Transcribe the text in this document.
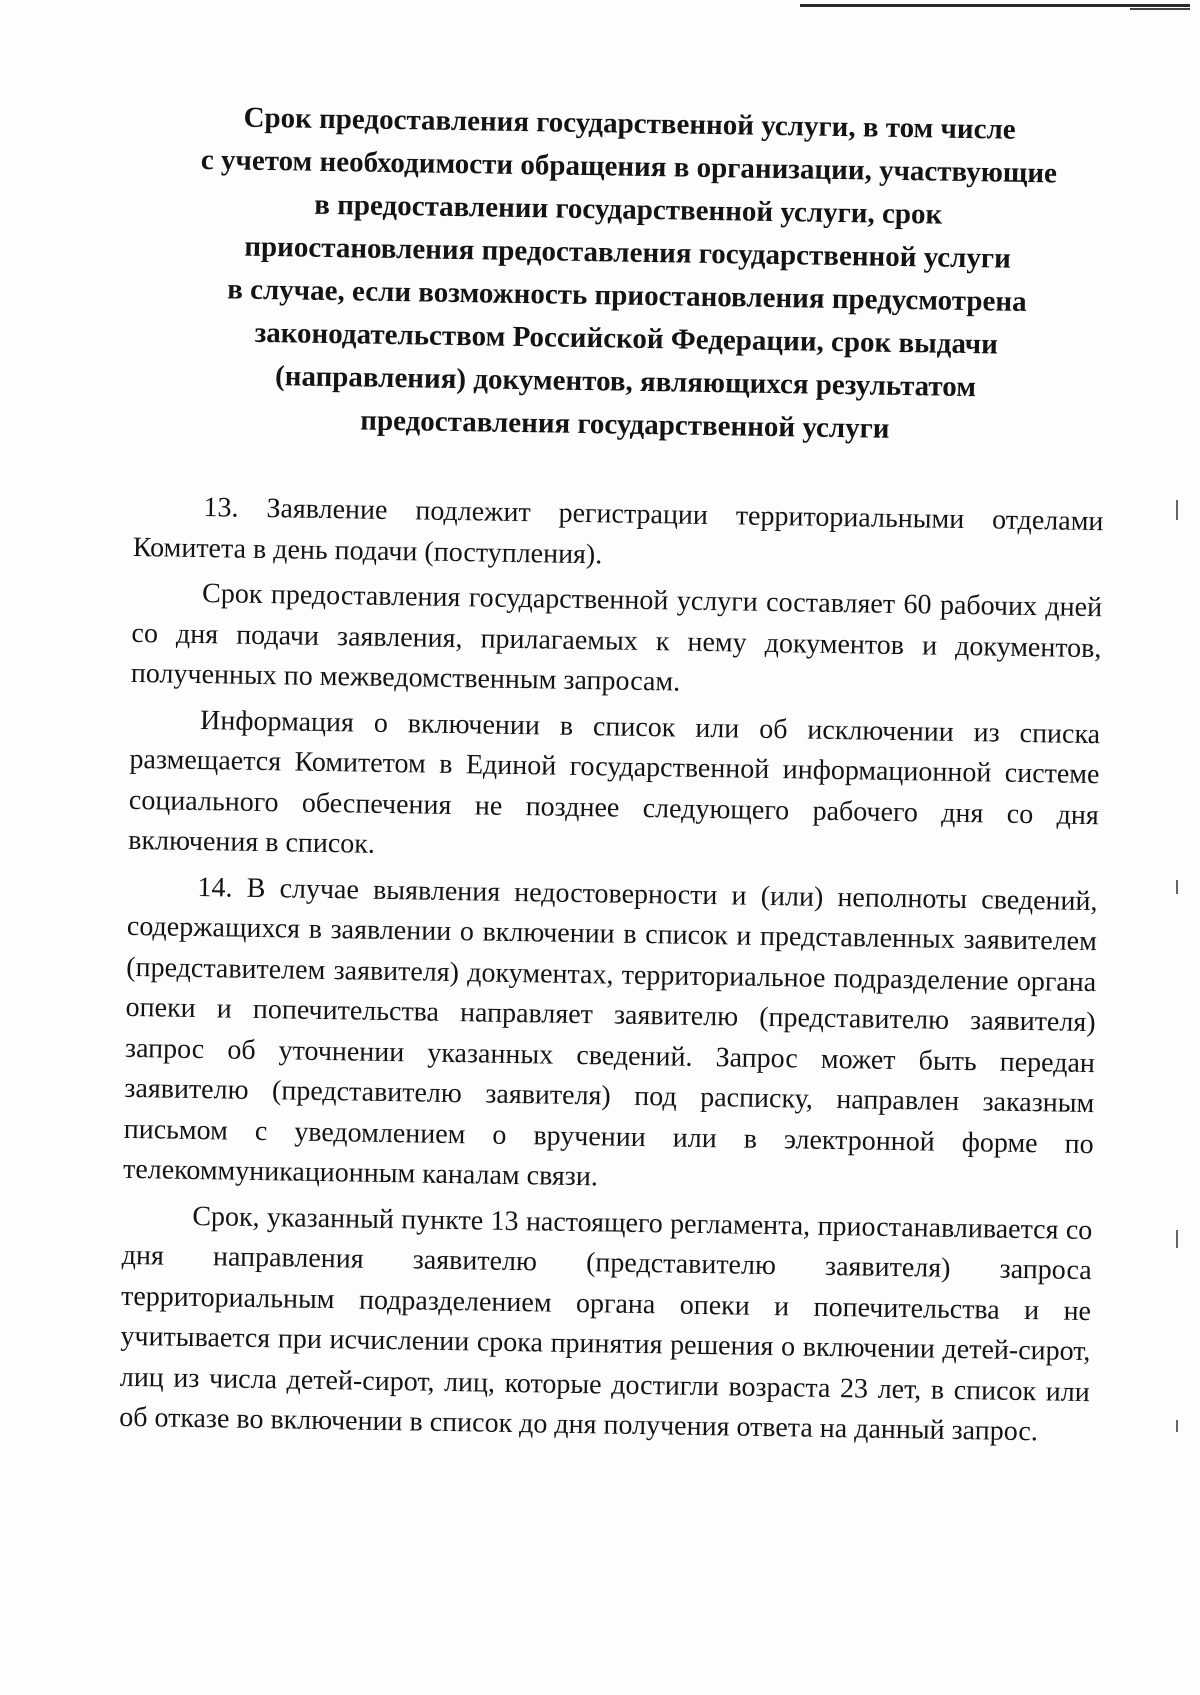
Срок предоставления государственной услуги, в том числе
с учетом необходимости обращения в организации, участвующие
в предоставлении государственной услуги, срок
приостановления предоставления государственной услуги
в случае, если возможность приостановления предусмотрена
законодательством Российской Федерации, срок выдачи
(направления) документов, являющихся результатом
предоставления государственной услуги

13. Заявление подлежит регистрации территориальными отделами Комитета в день подачи (поступления).

Срок предоставления государственной услуги составляет 60 рабочих дней со дня подачи заявления, прилагаемых к нему документов и документов, полученных по межведомственным запросам.

Информация о включении в список или об исключении из списка размещается Комитетом в Единой государственной информационной системе социального обеспечения не позднее следующего рабочего дня со дня включения в список.

14. В случае выявления недостоверности и (или) неполноты сведений, содержащихся в заявлении о включении в список и представленных заявителем (представителем заявителя) документах, территориальное подразделение органа опеки и попечительства направляет заявителю (представителю заявителя) запрос об уточнении указанных сведений. Запрос может быть передан заявителю (представителю заявителя) под расписку, направлен заказным письмом с уведомлением о вручении или в электронной форме по телекоммуникационным каналам связи.

Срок, указанный пункте 13 настоящего регламента, приостанавливается со дня направления заявителю (представителю заявителя) запроса территориальным подразделением органа опеки и попечительства и не учитывается при исчислении срока принятия решения о включении детей-сирот, лиц из числа детей-сирот, лиц, которые достигли возраста 23 лет, в список или об отказе во включении в список до дня получения ответа на данный запрос.
